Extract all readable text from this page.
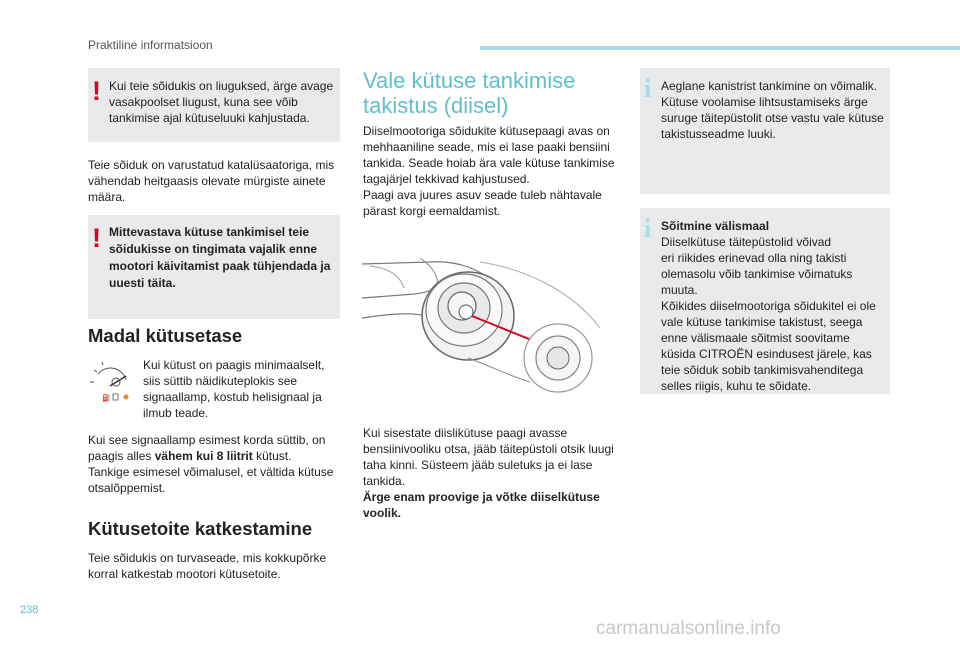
Praktiline informatsioon
! Kui teie sõidukis on liuguksed, ärge avage
vasakpoolset liugust, kuna see võib
tankimise ajal kütuseluuki kahjustada.
Teie sõiduk on varustatud katalüsaatoriga, mis
vähendab heitgaasis olevate mürgiste ainete
määra.
! Mittevastava kütuse tankimisel teie
sõidukisse on tingimata vajalik enne
mootori käivitamist paak tühjendada ja
uuesti täita.
Madal kütusetase
⛽
Kui kütust on paagis minimaalselt,
siis süttib näidikuteplokis see
signaallamp, kostub helisignaal ja
ilmub teade.
Kui see signaallamp esimest korda süttib, on
paagis alles vähem kui 8 liitrit kütust.
Tankige esimesel võimalusel, et vältida kütuse
otsalõppemist.
Kütusetoite katkestamine
Teie sõidukis on turvaseade, mis kokkupõrke
korral katkestab mootori kütusetoite.
Vale kütuse tankimise
takistus (diisel)
Diiselmootoriga sõidukite kütusepaagi avas on
mehhaaniline seade, mis ei lase paaki bensiini
tankida. Seade hoiab ära vale kütuse tankimise
tagajärjel tekkivad kahjustused.
Paagi ava juures asuv seade tuleb nähtavale
pärast korgi eemaldamist.
Kui sisestate diislikütuse paagi avasse
bensiinivooliku otsa, jääb täitepüstoli otsik luugi
taha kinni. Süsteem jääb suletuks ja ei lase
tankida.
Ärge enam proovige ja võtke diiselkütuse
voolik.
i Aeglane kanistrist tankimine on võimalik.
Kütuse voolamise lihtsustamiseks ärge
suruge täitepüstolit otse vastu vale kütuse
takistusseadme luuki.
i Sõitmine välismaal
Diiselkütuse täitepüstolid võivad
eri riikides erinevad olla ning takisti
olemasolu võib tankimise võimatuks
muuta.
Kõikides diiselmootoriga sõidukitel ei ole
vale kütuse tankimise takistust, seega
enne välismaale sõitmist soovitame
küsida CITROËN esindusest järele, kas
teie sõiduk sobib tankimisvahenditega
selles riigis, kuhu te sõidate.
238
carmanualsonline.info
